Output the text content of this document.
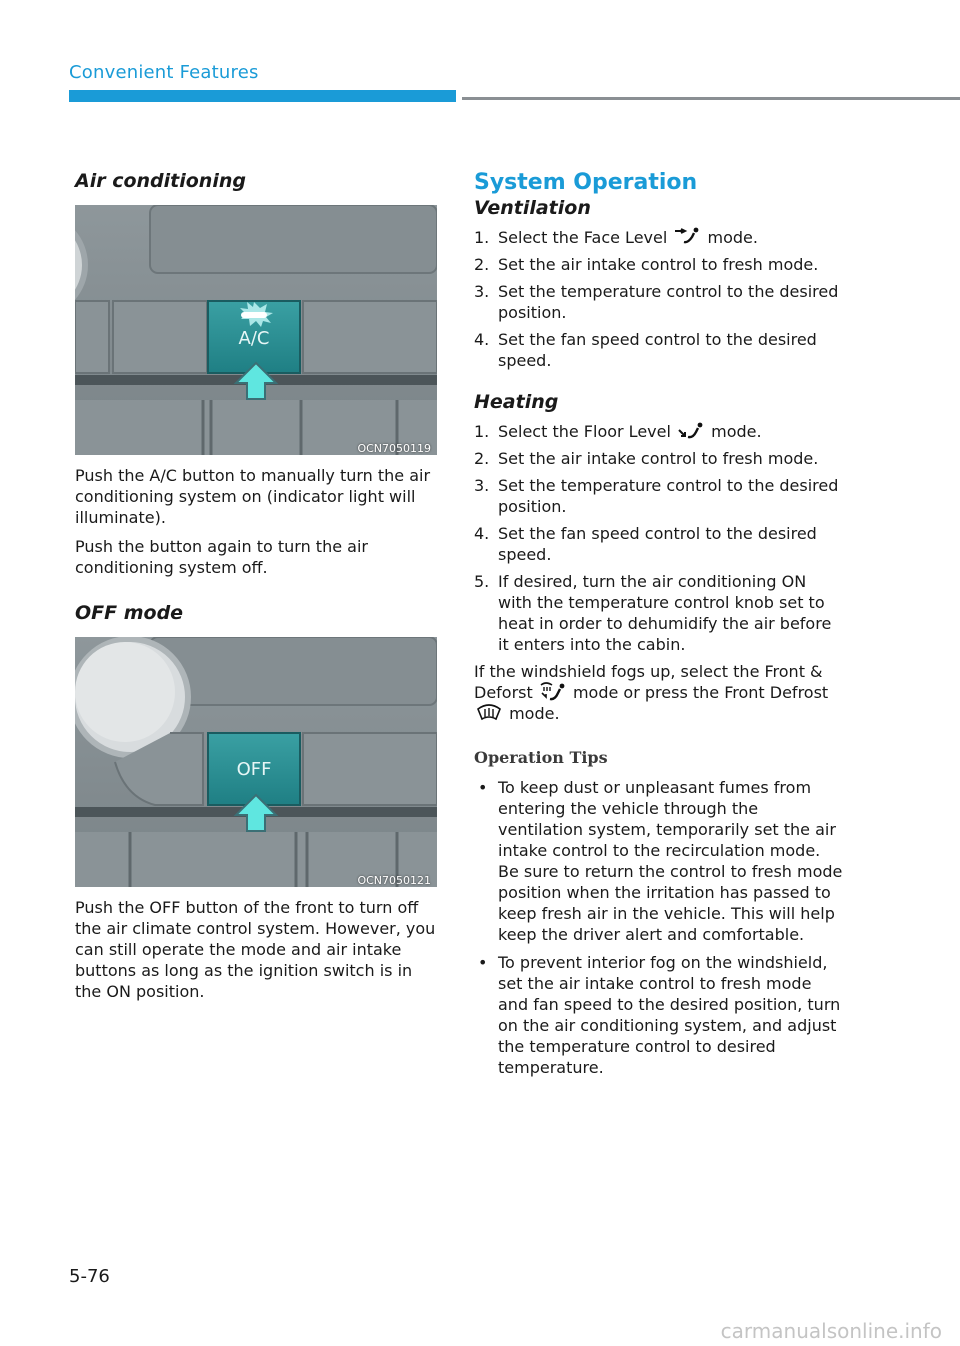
Convenient Features
Air conditioning
A/C
OCN7050119

Push the A/C button to manually turn the air conditioning system on (indicator light will illuminate).

Push the button again to turn the air conditioning system off.

OFF mode
OFF
OCN7050121

Push the OFF button of the front to turn off the air climate control system. However, you can still operate the mode and air intake buttons as long as the ignition switch is in the ON position.

System Operation
Ventilation
1. Select the Face Level	mode.
2. Set the air intake control to fresh mode.
3. Set the temperature control to the desired position.
4. Set the fan speed control to the desired speed.
Heating
1. Select the Floor Level	mode.
2. Set the air intake control to fresh mode.
3. Set the temperature control to the desired position.
4. Set the fan speed control to the desired speed.
5. If desired, turn the air conditioning ON with the temperature control knob set to heat in order to dehumidify the air before it enters into the cabin.

If the windshield fogs up, select the Front & Deforst	mode or press the Front Defrost  mode.

Operation Tips
• To keep dust or unpleasant fumes from entering the vehicle through the ventilation system, temporarily set the air intake control to the recirculation mode. Be sure to return the control to fresh mode position when the irritation has passed to keep fresh air in the vehicle. This will help keep the driver alert and comfortable.
• To prevent interior fog on the windshield, set the air intake control to fresh mode and fan speed to the desired position, turn on the air conditioning system, and adjust the temperature control to desired temperature.
5-76
carmanualsonline.info
